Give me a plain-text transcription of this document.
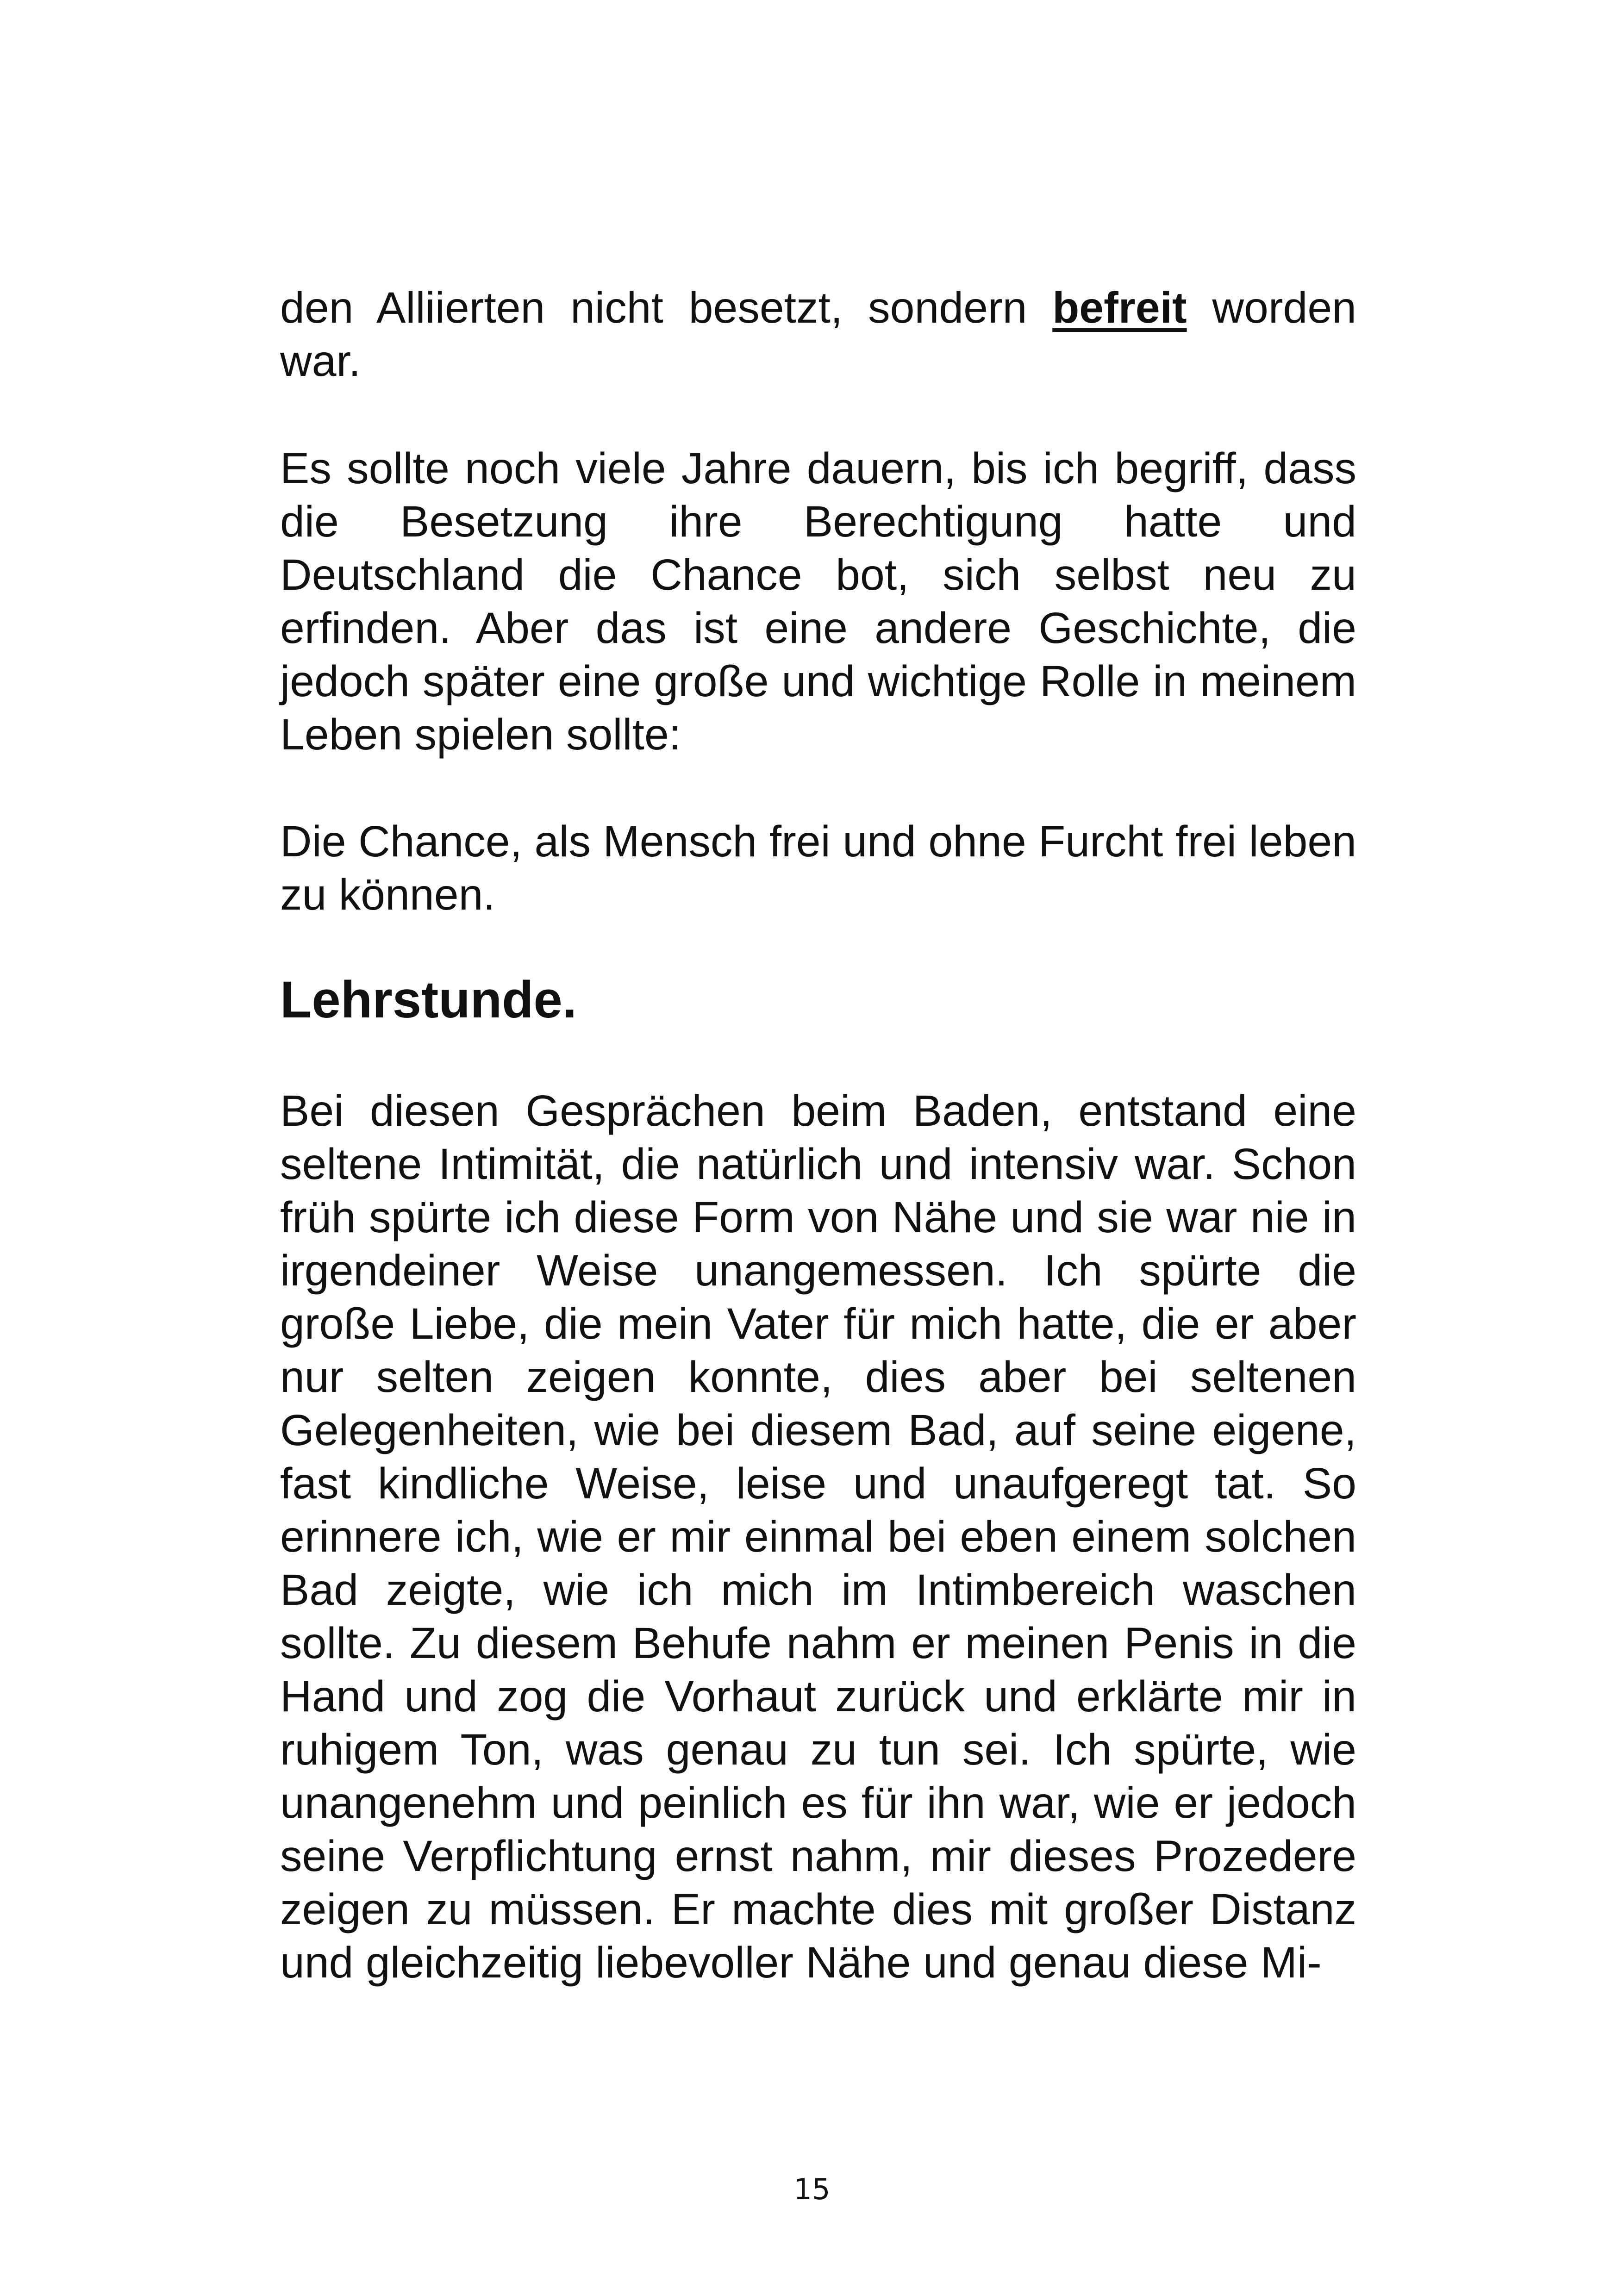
den Alliierten nicht besetzt, sondern befreit worden war.

Es sollte noch viele Jahre dauern, bis ich begriff, dass die Besetzung ihre Berechtigung hatte und Deutschland die Chance bot, sich selbst neu zu erfinden. Aber das ist eine andere Geschichte, die jedoch später eine große und wichtige Rolle in meinem Leben spielen sollte:

Die Chance, als Mensch frei und ohne Furcht frei leben zu können.

Lehrstunde.

Bei diesen Gesprächen beim Baden, entstand eine seltene Intimität, die natürlich und intensiv war. Schon früh spürte ich diese Form von Nähe und sie war nie in irgendeiner Weise unangemessen. Ich spürte die große Liebe, die mein Vater für mich hatte, die er aber nur selten zeigen konnte, dies aber bei seltenen Gelegenheiten, wie bei diesem Bad, auf seine eigene, fast kindliche Weise, leise und unaufgeregt tat. So erinnere ich, wie er mir einmal bei eben einem solchen Bad zeigte, wie ich mich im Intimbereich waschen sollte. Zu diesem Behufe nahm er meinen Penis in die Hand und zog die Vorhaut zurück und erklärte mir in ruhigem Ton, was genau zu tun sei. Ich spürte, wie unangenehm und peinlich es für ihn war, wie er jedoch seine Verpflichtung ernst nahm, mir dieses Prozedere zeigen zu müssen. Er machte dies mit großer Distanz und gleichzeitig liebevoller Nähe und genau diese Mi-

15
